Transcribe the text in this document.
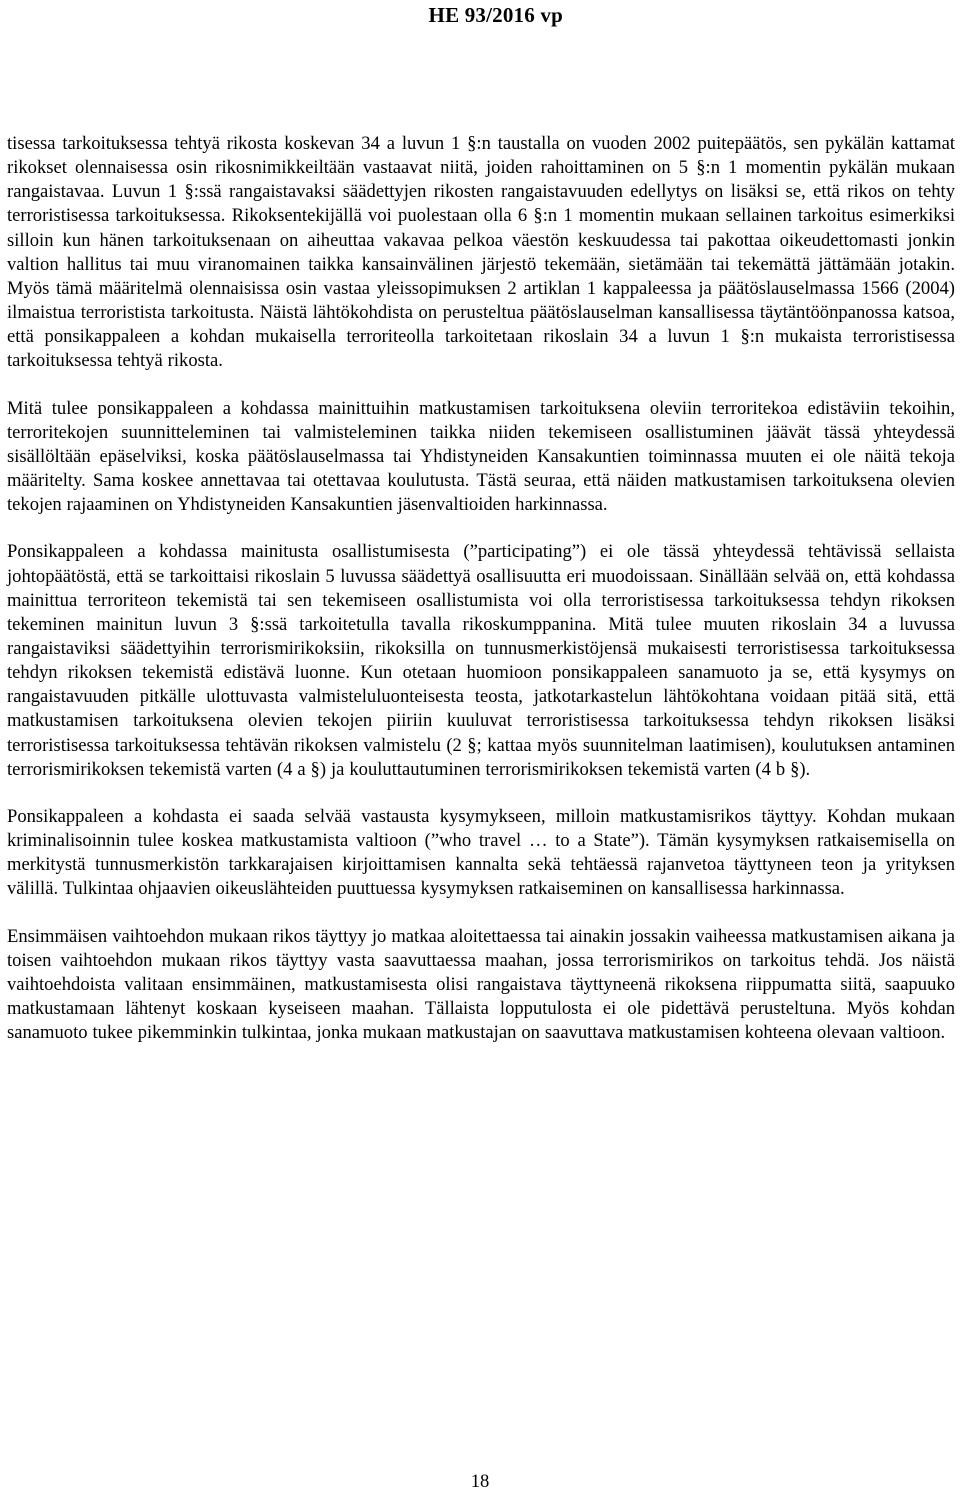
HE 93/2016 vp

tisessa tarkoituksessa tehtyä rikosta koskevan 34 a luvun 1 §:n taustalla on vuoden 2002 puitepäätös, sen pykälän kattamat rikokset olennaisessa osin rikosnimikkeiltään vastaavat niitä, joiden rahoittaminen on 5 §:n 1 momentin pykälän mukaan rangaistavaa. Luvun 1 §:ssä rangaistavaksi säädettyjen rikosten rangaistavuuden edellytys on lisäksi se, että rikos on tehty terroristisessa tarkoituksessa. Rikoksentekijällä voi puolestaan olla 6 §:n 1 momentin mukaan sellainen tarkoitus esimerkiksi silloin kun hänen tarkoituksenaan on aiheuttaa vakavaa pelkoa väestön keskuudessa tai pakottaa oikeudettomasti jonkin valtion hallitus tai muu viranomainen taikka kansainvälinen järjestö tekemään, sietämään tai tekemättä jättämään jotakin. Myös tämä määritelmä olennaisissa osin vastaa yleissopimuksen 2 artiklan 1 kappaleessa ja päätöslauselmassa 1566 (2004) ilmaistua terroristista tarkoitusta. Näistä lähtökohdista on perusteltua päätöslauselman kansallisessa täytäntöönpanossa katsoa, että ponsikappaleen a kohdan mukaisella terroriteolla tarkoitetaan rikoslain 34 a luvun 1 §:n mukaista terroristisessa tarkoituksessa tehtyä rikosta.

Mitä tulee ponsikappaleen a kohdassa mainittuihin matkustamisen tarkoituksena oleviin terroritekoa edistäviin tekoihin, terroritekojen suunnitteleminen tai valmisteleminen taikka niiden tekemiseen osallistuminen jäävät tässä yhteydessä sisällöltään epäselviksi, koska päätöslauselmassa tai Yhdistyneiden Kansakuntien toiminnassa muuten ei ole näitä tekoja määritelty. Sama koskee annettavaa tai otettavaa koulutusta. Tästä seuraa, että näiden matkustamisen tarkoituksena olevien tekojen rajaaminen on Yhdistyneiden Kansakuntien jäsenvaltioiden harkinnassa.

Ponsikappaleen a kohdassa mainitusta osallistumisesta (”participating”) ei ole tässä yhteydessä tehtävissä sellaista johtopäätöstä, että se tarkoittaisi rikoslain 5 luvussa säädettyä osallisuutta eri muodoissaan. Sinällään selvää on, että kohdassa mainittua terroriteon tekemistä tai sen tekemiseen osallistumista voi olla terroristisessa tarkoituksessa tehdyn rikoksen tekeminen mainitun luvun 3 §:ssä tarkoitetulla tavalla rikoskumppanina. Mitä tulee muuten rikoslain 34 a luvussa rangaistaviksi säädettyihin terrorismirikoksiin, rikoksilla on tunnusmerkistöjensä mukaisesti terroristisessa tarkoituksessa tehdyn rikoksen tekemistä edistävä luonne. Kun otetaan huomioon ponsikappaleen sanamuoto ja se, että kysymys on rangaistavuuden pitkälle ulottuvasta valmisteluluonteisesta teosta, jatkotarkastelun lähtökohtana voidaan pitää sitä, että matkustamisen tarkoituksena olevien tekojen piiriin kuuluvat terroristisessa tarkoituksessa tehdyn rikoksen lisäksi terroristisessa tarkoituksessa tehtävän rikoksen valmistelu (2 §; kattaa myös suunnitelman laatimisen), koulutuksen antaminen terrorismirikoksen tekemistä varten (4 a §) ja kouluttautuminen terrorismirikoksen tekemistä varten (4 b §).

Ponsikappaleen a kohdasta ei saada selvää vastausta kysymykseen, milloin matkustamisrikos täyttyy. Kohdan mukaan kriminalisoinnin tulee koskea matkustamista valtioon (”who travel … to a State”). Tämän kysymyksen ratkaisemisella on merkitystä tunnusmerkistön tarkkarajaisen kirjoittamisen kannalta sekä tehtäessä rajanvetoa täyttyneen teon ja yrityksen välillä. Tulkintaa ohjaavien oikeuslähteiden puuttuessa kysymyksen ratkaiseminen on kansallisessa harkinnassa.

Ensimmäisen vaihtoehdon mukaan rikos täyttyy jo matkaa aloitettaessa tai ainakin jossakin vaiheessa matkustamisen aikana ja toisen vaihtoehdon mukaan rikos täyttyy vasta saavuttaessa maahan, jossa terrorismirikos on tarkoitus tehdä. Jos näistä vaihtoehdoista valitaan ensimmäinen, matkustamisesta olisi rangaistava täyttyneenä rikoksena riippumatta siitä, saapuuko matkustamaan lähtenyt koskaan kyseiseen maahan. Tällaista lopputulosta ei ole pidettävä perusteltuna. Myös kohdan sanamuoto tukee pikemminkin tulkintaa, jonka mukaan matkustajan on saavuttava matkustamisen kohteena olevaan valtioon.

18
